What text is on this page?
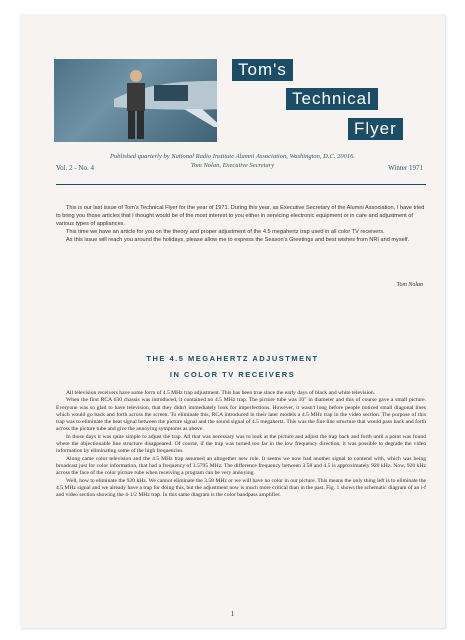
Tom's
Technical
Flyer
Published quarterly by National Radio Institute Alumni Association, Washington, D.C. 20016.
Tom Nolan, Executive Secretary
Vol. 2 - No. 4	Winter 1971

This is our last issue of Tom's Technical Flyer for the year of 1971. During this year, as Executive Secretary of the Alumni Association, I have tried to bring you those articles that I thought would be of the most interest to you either in servicing electronic equipment or in care and adjustment of various types of appliances.

This time we have an article for you on the theory and proper adjustment of the 4.5 megahertz trap used in all color TV receivers.

As this issue will reach you around the holidays, please allow me to express the Season's Greetings and best wishes from NRI and myself.

Tom Nolan
THE 4.5 MEGAHERTZ ADJUSTMENT
IN COLOR TV RECEIVERS

All television receivers have some form of 4.5 MHz trap adjustment. This has been true since the early days of black and white television.

When the first RCA 630 chassis was introduced, it contained no 4.5 MHz trap. The picture tube was 10" in diameter and this of course gave a small picture. Everyone was so glad to have television, that they didn't immediately look for imperfections. However, it wasn't long before people noticed small diagonal lines which would go back and forth across the screen. To eliminate this, RCA introduced in their later models a 4.5 MHz trap in the video section. The purpose of this trap was to eliminate the beat signal between the picture signal and the sound signal of 4.5 megahertz. This was the fine line structure that would pass back and forth across the picture tube and give the annoying symptoms as above.

In those days it was quite simple to adjust the trap. All that was necessary was to look at the picture and adjust the trap back and forth until a point was found where the objectionable line structure disappeared. Of course, if the trap was turned too far in the low frequency direction, it was possible to degrade the video information by eliminating some of the high frequencies.

Along came color television and the 4.5 MHz trap assumed an altogether new role. It seems we now had another signal to contend with, which was being broadcast just for color information, that had a frequency of 3.5795 MHz. The difference frequency between 3.58 and 4.5 is approximately 920 kHz. Now, 920 kHz across the face of the color picture tube when receiving a program can be very annoying.

Well, how to eliminate the 920 kHz. We cannot eliminate the 3.58 MHz or we will have no color in our picture. This means the only thing left is to eliminate the 4.5 MHz signal and we already have a trap for doing this, but the adjustment now is much more critical than in the past. Fig. 1 shows the schematic diagram of an i-f and video section showing the 4-1/2 MHz trap. In this same diagram is the color bandpass amplifier.

1
